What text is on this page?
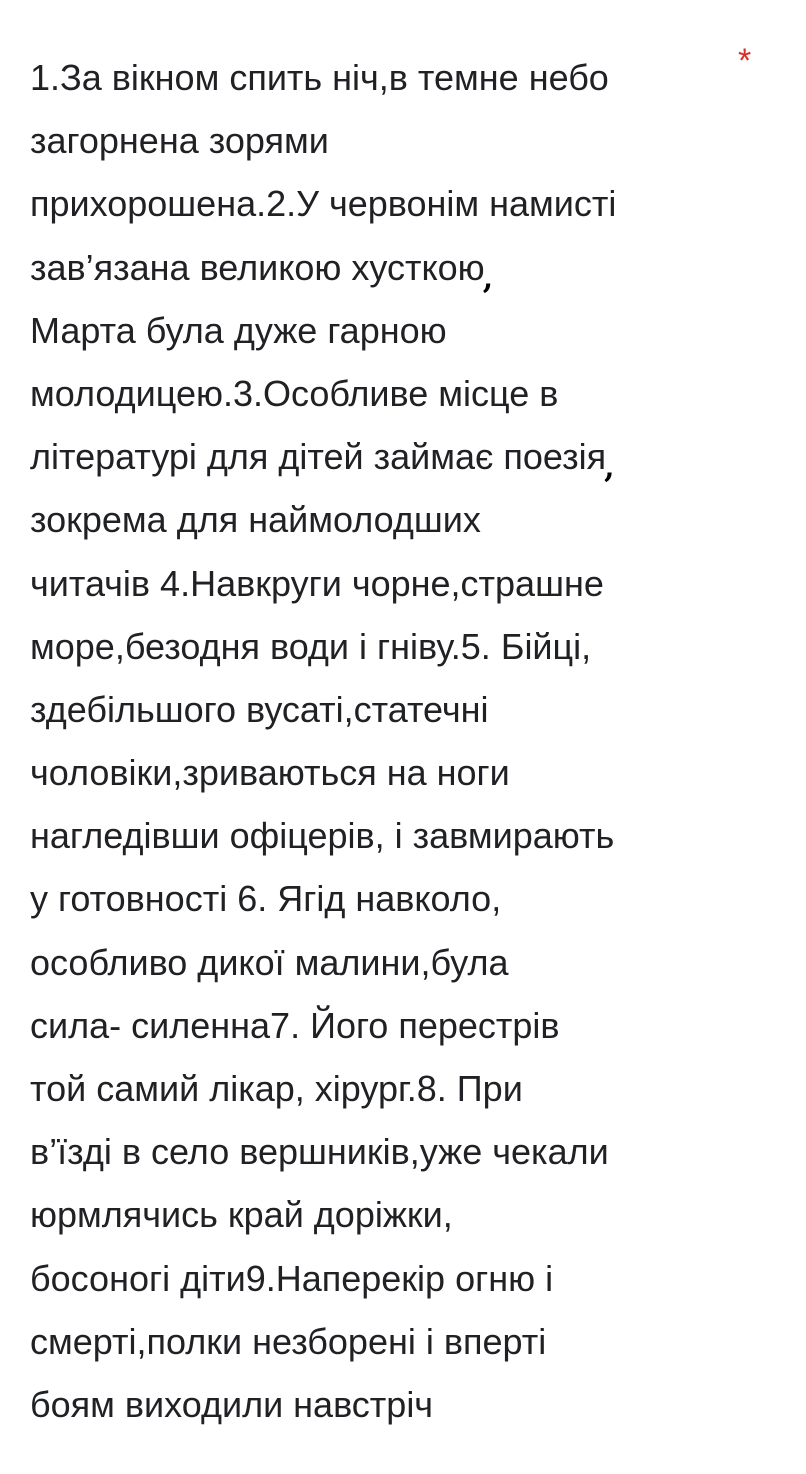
*
1.За вікном спить ніч,в темне небо
загорнена зорями
прихорошена.2.У червонім намисті
зав’язана великою хусткою,
Марта була дуже гарною
молодицею.3.Особливе місце в
літературі для дітей займає поезія,
зокрема для наймолодших
читачів 4.Навкруги чорне,страшне
море,безодня води і гніву.5. Бійці,
здебільшого вусаті,статечні
чоловіки,зриваються на ноги
нагледівши офіцерів, і завмирають
у готовності 6. Ягід навколо,
особливо дикої малини,була
сила- силенна7. Його перестрів
той самий лікар, хірург.8. При
в’їзді в село вершників,уже чекали
юрмлячись край доріжки,
босоногі діти9.Наперекір огню і
смерті,полки незборені і вперті
боям виходили навстріч
